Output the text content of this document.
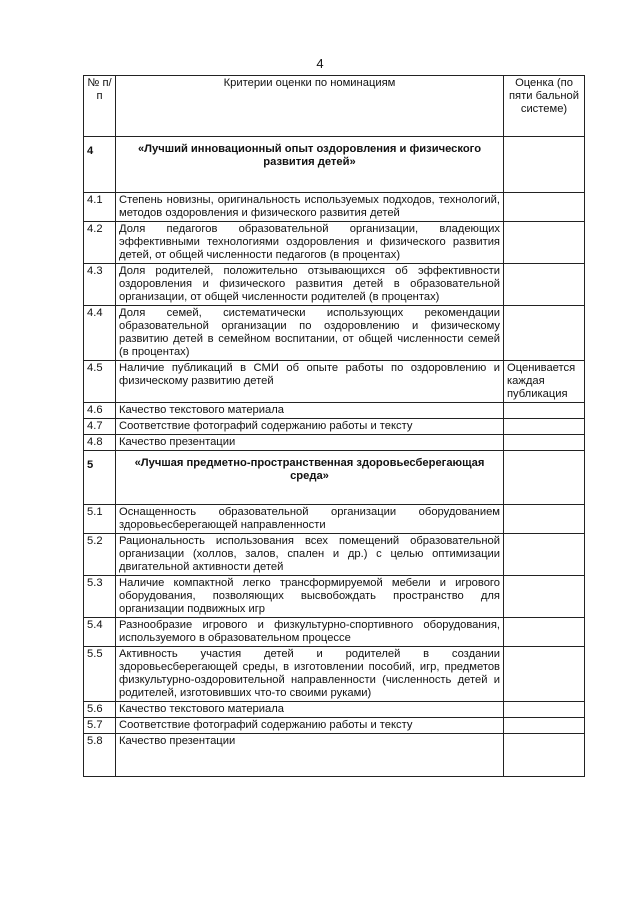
4
№ п/п	Критерии оценки по номинациям	Оценка (по пяти бальной системе)
4	«Лучший инновационный опыт оздоровления и физического развития детей»	
4.1	Степень новизны, оригинальность используемых подходов, технологий, методов оздоровления и физического развития детей	
4.2	Доля педагогов образовательной организации, владеющих эффективными технологиями оздоровления и физического развития детей, от общей численности педагогов (в процентах)	
4.3	Доля родителей, положительно отзывающихся об эффективности оздоровления и физического развития детей в образовательной организации, от общей численности родителей (в процентах)	
4.4	Доля семей, систематически использующих рекомендации образовательной организации по оздоровлению и физическому развитию детей в семейном воспитании, от общей численности семей (в процентах)	
4.5	Наличие публикаций в СМИ об опыте работы по оздоровлению и физическому развитию детей	Оценивается каждая публикация
4.6	Качество текстового материала	
4.7	Соответствие фотографий содержанию работы и тексту	
4.8	Качество презентации	
5	«Лучшая предметно-пространственная здоровьесберегающая среда»	
5.1	Оснащенность образовательной организации оборудованием здоровьесберегающей направленности	
5.2	Рациональность использования всех помещений образовательной организации (холлов, залов, спален и др.) с целью оптимизации двигательной активности детей	
5.3	Наличие компактной легко трансформируемой мебели и игрового оборудования, позволяющих высвобождать пространство для организации подвижных игр	
5.4	Разнообразие игрового и физкультурно-спортивного оборудования, используемого в образовательном процессе	
5.5	Активность участия детей и родителей в создании здоровьесберегающей среды, в изготовлении пособий, игр, предметов физкультурно-оздоровительной направленности (численность детей и родителей, изготовивших что-то своими руками)	
5.6	Качество текстового материала	
5.7	Соответствие фотографий содержанию работы и тексту	
5.8	Качество презентации	
